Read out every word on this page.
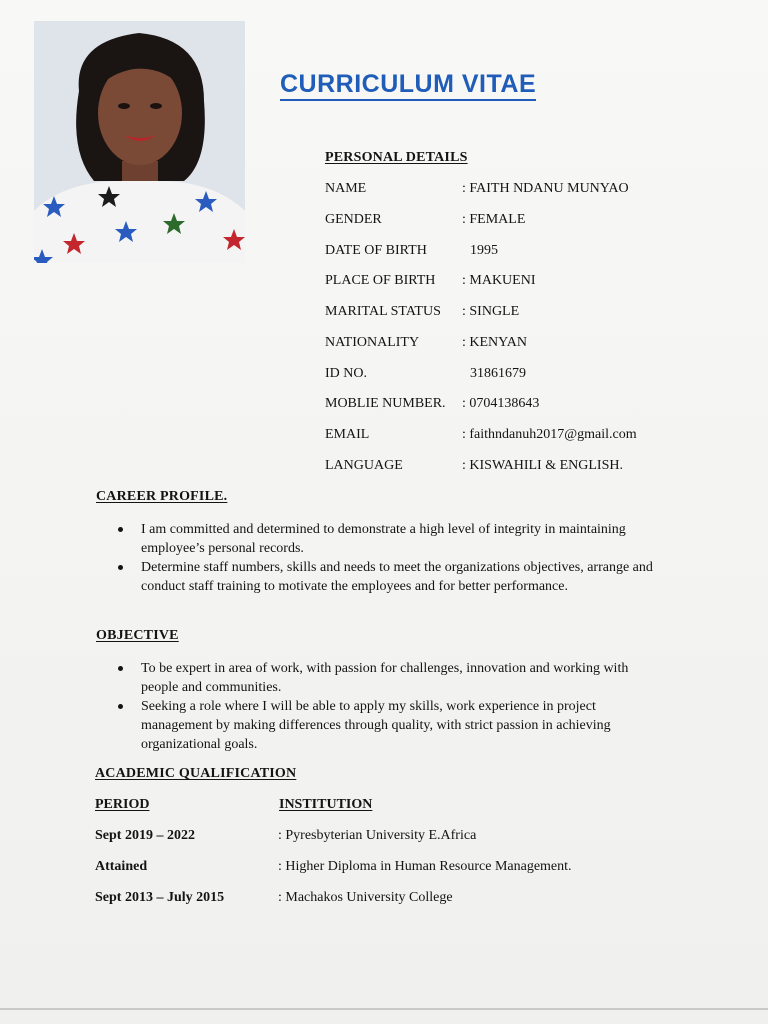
CURRICULUM VITAE
PERSONAL DETAILS
NAME	: FAITH NDANU MUNYAO
GENDER	: FEMALE
DATE OF BIRTH	1995
PLACE OF BIRTH : MAKUENI
MARITAL STATUS : SINGLE
NATIONALITY	: KENYAN
ID NO.	31861679
MOBLIE NUMBER. : 0704138643
EMAIL	: faithndanuh2017@gmail.com
LANGUAGE	: KISWAHILI & ENGLISH.
CAREER PROFILE.
I am committed and determined to demonstrate a high level of integrity in maintaining employee’s personal records.
Determine staff numbers, skills and needs to meet the organizations objectives, arrange and conduct staff training to motivate the employees and for better performance.
OBJECTIVE
To be expert in area of work, with passion for challenges, innovation and working with people and communities.
Seeking a role where I will be able to apply my skills, work experience in project management by making differences through quality, with strict passion in achieving organizational goals.
ACADEMIC QUALIFICATION
PERIOD	INSTITUTION
Sept 2019 – 2022	: Pyresbyterian University E.Africa
Attained	: Higher Diploma in Human Resource Management.
Sept 2013 – July 2015	: Machakos University College
